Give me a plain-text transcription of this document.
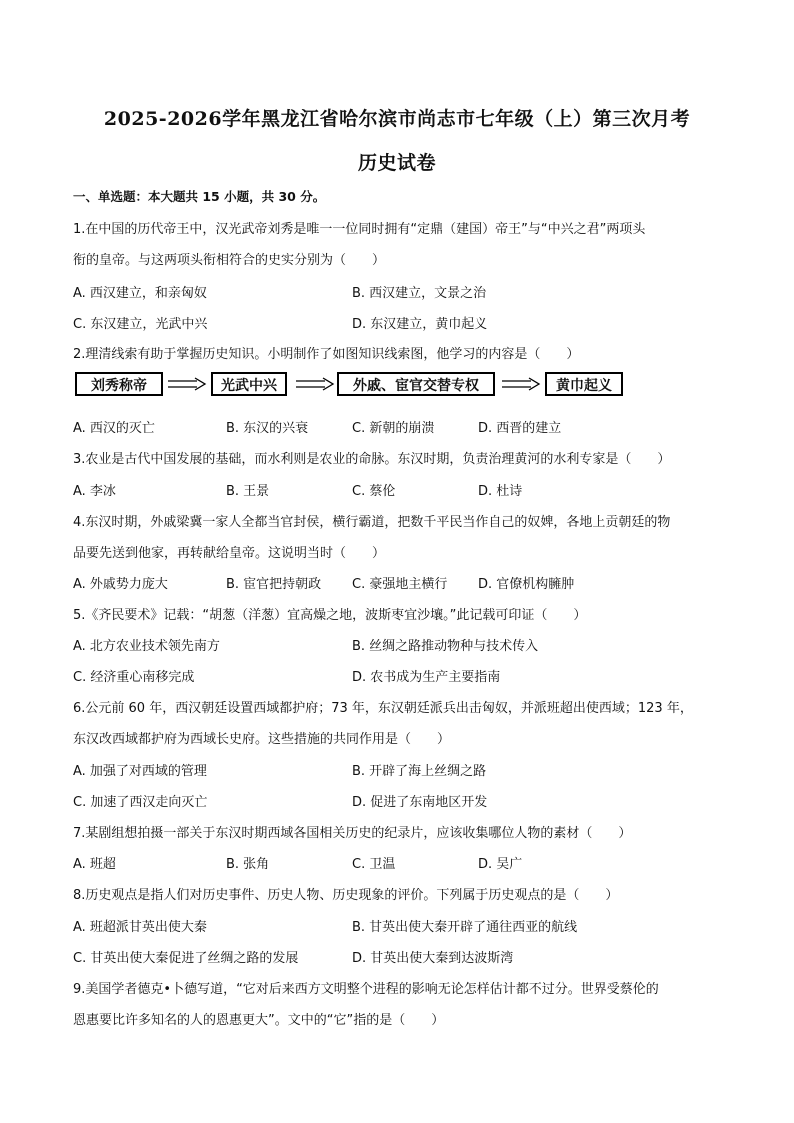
2025-2026学年黑龙江省哈尔滨市尚志市七年级（上）第三次月考
历史试卷
一、单选题：本大题共 15 小题，共 30 分。
1.在中国的历代帝王中，汉光武帝刘秀是唯一一位同时拥有“定鼎（建国）帝王”与“中兴之君”两项头
衔的皇帝。与这两项头衔相符合的史实分别为（　　）
A. 西汉建立，和亲匈奴	B. 西汉建立，文景之治
C. 东汉建立，光武中兴	D. 东汉建立，黄巾起义
2.理清线索有助于掌握历史知识。小明制作了如图知识线索图，他学习的内容是（　　）
刘秀称帝	光武中兴	外戚、宦官交替专权	黄巾起义
A. 西汉的灭亡	B. 东汉的兴衰	C. 新朝的崩溃	D. 西晋的建立
3.农业是古代中国发展的基础，而水利则是农业的命脉。东汉时期，负责治理黄河的水利专家是（　　）
A. 李冰	B. 王景	C. 蔡伦	D. 杜诗
4.东汉时期，外戚梁冀一家人全都当官封侯，横行霸道，把数千平民当作自己的奴婢，各地上贡朝廷的物
品要先送到他家，再转献给皇帝。这说明当时（　　）
A. 外戚势力庞大	B. 宦官把持朝政 C. 豪强地主横行 D. 官僚机构臃肿
5.《齐民要术》记载：“胡葱（洋葱）宜高燥之地，波斯枣宜沙壤。”此记载可印证（　　）
A. 北方农业技术领先南方	B. 丝绸之路推动物种与技术传入
C. 经济重心南移完成	D. 农书成为生产主要指南
6.公元前 60 年，西汉朝廷设置西域都护府；73 年，东汉朝廷派兵出击匈奴，并派班超出使西域；123 年，
东汉改西域都护府为西域长史府。这些措施的共同作用是（　　）
A. 加强了对西域的管理	B. 开辟了海上丝绸之路
C. 加速了西汉走向灭亡	D. 促进了东南地区开发
7.某剧组想拍摄一部关于东汉时期西域各国相关历史的纪录片，应该收集哪位人物的素材（　　）
A. 班超	B. 张角	C. 卫温	D. 吴广
8.历史观点是指人们对历史事件、历史人物、历史现象的评价。下列属于历史观点的是（　　）
A. 班超派甘英出使大秦	B. 甘英出使大秦开辟了通往西亚的航线
C. 甘英出使大秦促进了丝绸之路的发展	D. 甘英出使大秦到达波斯湾
9.美国学者德克•卜德写道，“它对后来西方文明整个进程的影响无论怎样估计都不过分。世界受蔡伦的
恩惠要比许多知名的人的恩惠更大”。文中的“它”指的是（　　）
